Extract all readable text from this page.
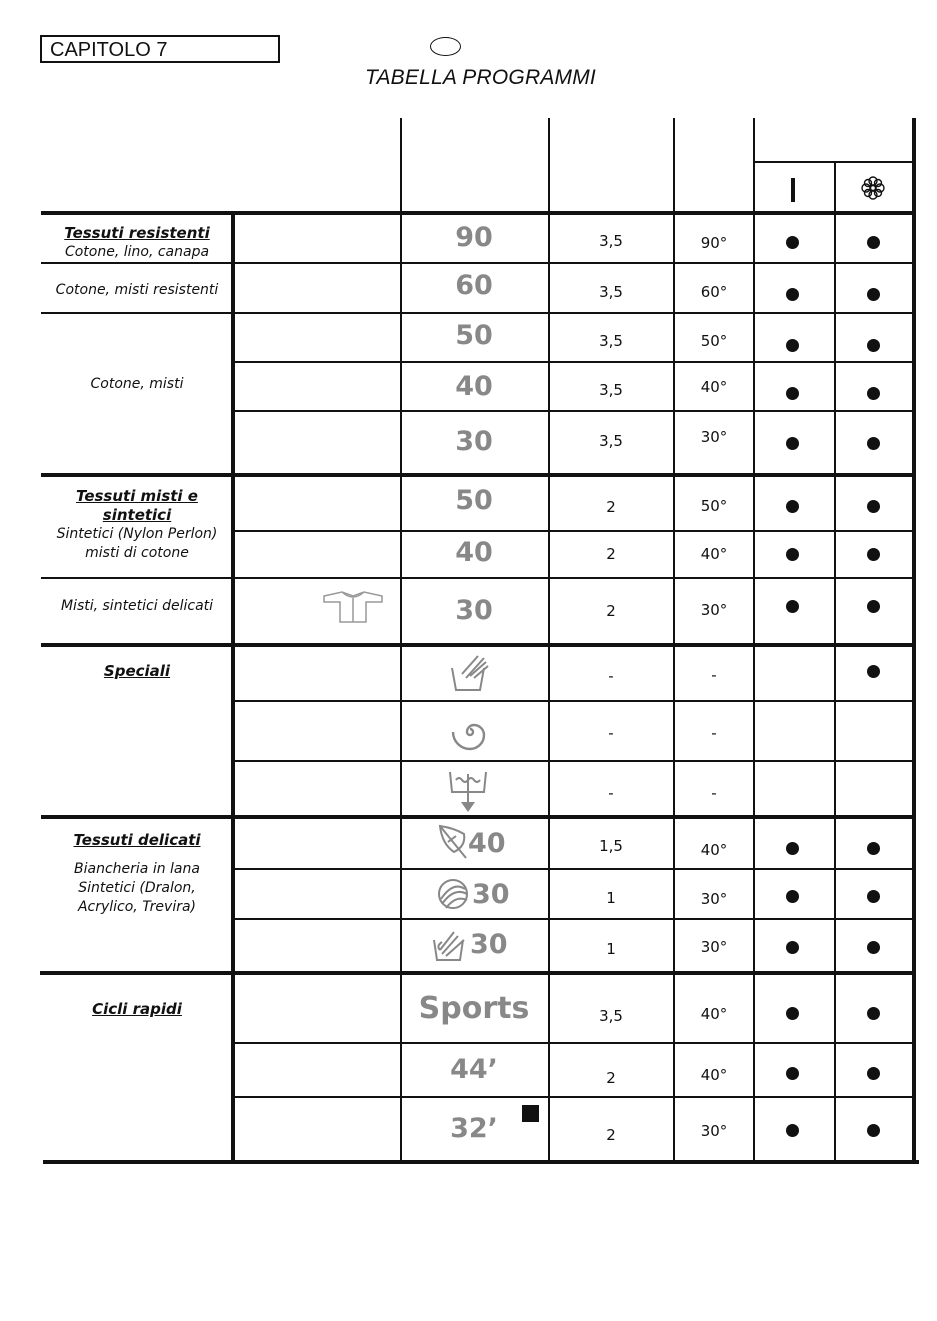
CAPITOLO 7
TABELLA PROGRAMMI
Tessuti resistenti
Cotone, lino, canapa
Cotone, misti resistenti
Cotone, misti
Tessuti misti e sintetici
Sintetici (Nylon Perlon) misti di cotone
Misti, sintetici delicati
Speciali
Tessuti delicati
Biancheria in lana Sintetici (Dralon, Acrylico, Trevira)
Cicli rapidi
90
60
50
40
30
50
40
30
40
30
30
Sports
44’
32’
3,5
3,5
3,5
3,5
3,5
2
2
2
-
-
-
1,5
1
1
3,5
2
2
90°
60°
50°
40°
30°
50°
40°
30°
-
-
-
40°
30°
30°
40°
40°
30°
